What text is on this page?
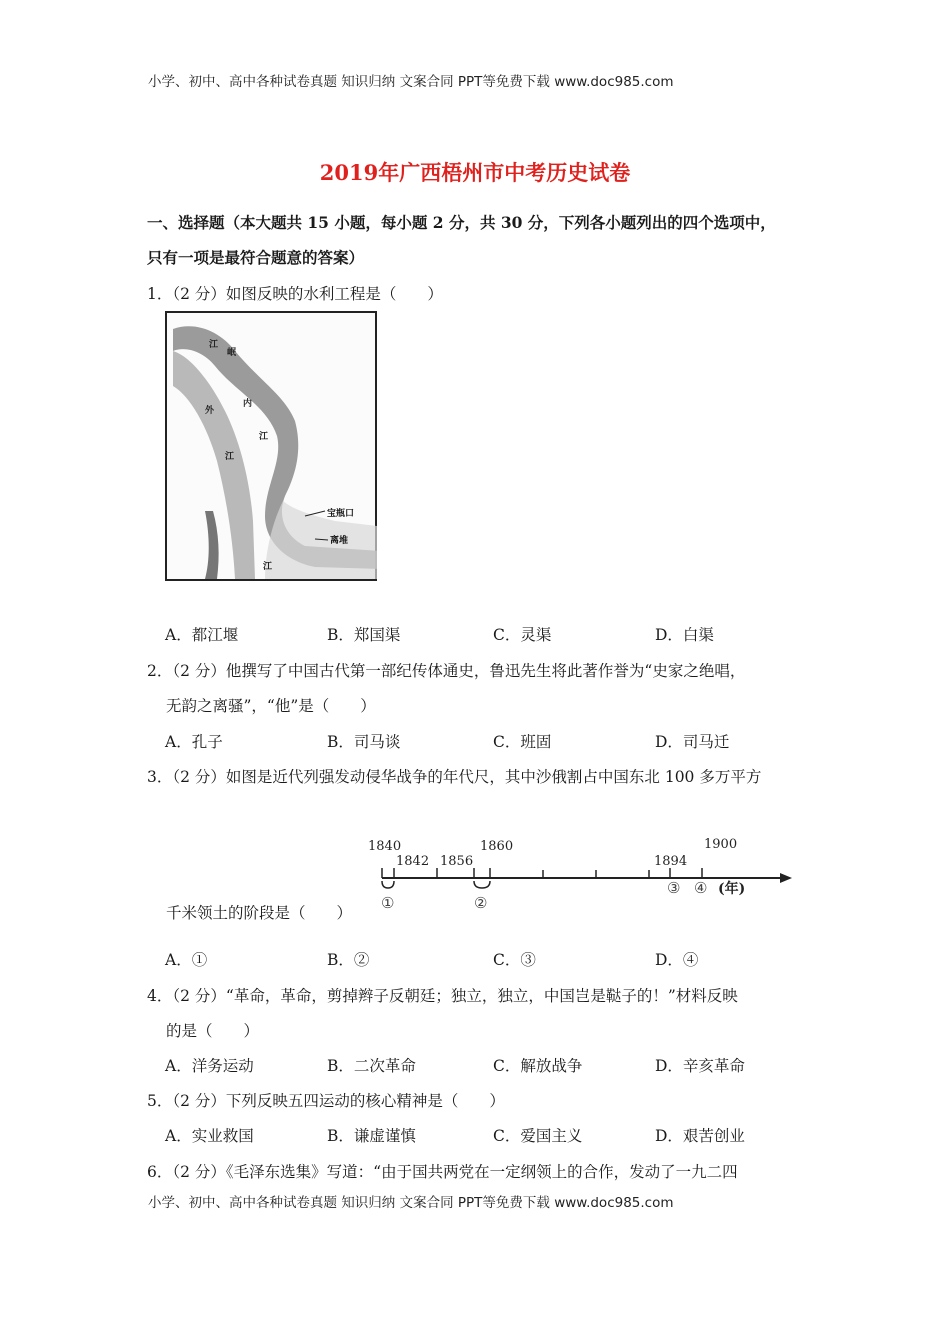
小学、初中、高中各种试卷真题 知识归纳 文案合同 PPT等免费下载 www.doc985.com
2019年广西梧州市中考历史试卷
一、选择题（本大题共 15 小题，每小题 2 分，共 30 分，下列各小题列出的四个选项中，
只有一项是最符合题意的答案）
1．（2 分）如图反映的水利工程是（　　）
江
岷
外
内
江
江
江
宝瓶口
离堆
A．都江堰	B．郑国渠	C．灵渠	D．白渠
2．（2 分）他撰写了中国古代第一部纪传体通史，鲁迅先生将此著作誉为“史家之绝唱，
无韵之离骚”，“他”是（　　）
A．孔子	B．司马谈	C．班固	D．司马迁
3．（2 分）如图是近代列强发动侵华战争的年代尺，其中沙俄割占中国东北 100 多万平方
1840
1842 1856
1860
1894
1900
①	②
③ ④ (年)
千米领土的阶段是（　　）
A．①	B．②	C．③	D．④
4．（2 分）“革命，革命，剪掉辫子反朝廷；独立，独立，中国岂是鞑子的！”材料反映
的是（　　）
A．洋务运动	B．二次革命	C．解放战争	D．辛亥革命
5．（2 分）下列反映五四运动的核心精神是（　　）
A．实业救国	B．谦虚谨慎	C．爱国主义	D．艰苦创业
6．（2 分）《毛泽东选集》写道：“由于国共两党在一定纲领上的合作，发动了一九二四
小学、初中、高中各种试卷真题 知识归纳 文案合同 PPT等免费下载 www.doc985.com
